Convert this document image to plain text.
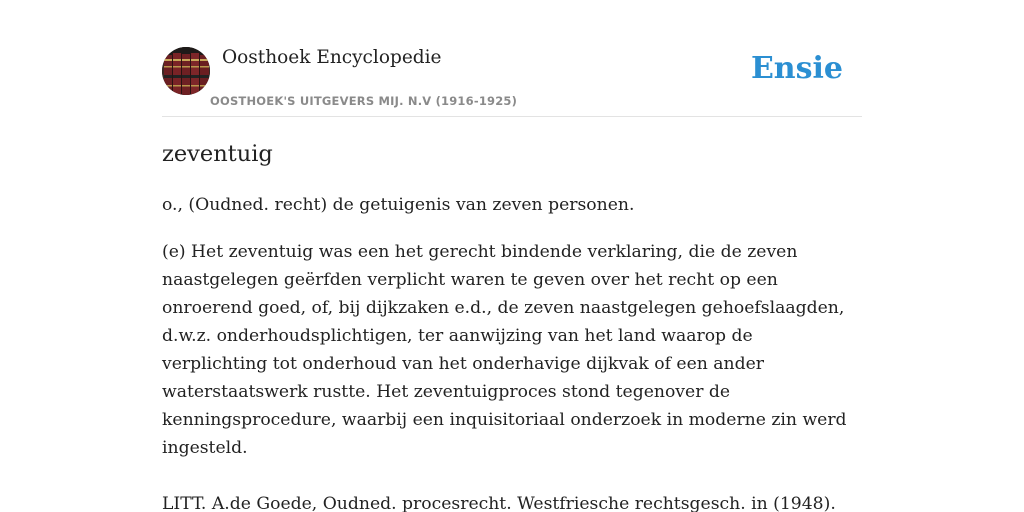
Oosthoek Encyclopedie
OOSTHOEK'S UITGEVERS MIJ. N.V (1916-1925)
Ensie
zeventuig

o., (Oudned. recht) de getuigenis van zeven personen.

(e) Het zeventuig was een het gerecht bindende verklaring, die de zeven naastgelegen geërfden verplicht waren te geven over het recht op een onroerend goed, of, bij dijkzaken e.d., de zeven naastgelegen gehoefslaagden, d.w.z. onderhoudsplichtigen, ter aanwijzing van het land waarop de verplichting tot onderhoud van het onderhavige dijkvak of een ander waterstaatswerk rustte. Het zeventuigproces stond tegenover de kenningsprocedure, waarbij een inquisitoriaal onderzoek in moderne zin werd ingesteld.

LITT. A.de Goede, Oudned. procesrecht. Westfriesche rechtsgesch. in (1948).
